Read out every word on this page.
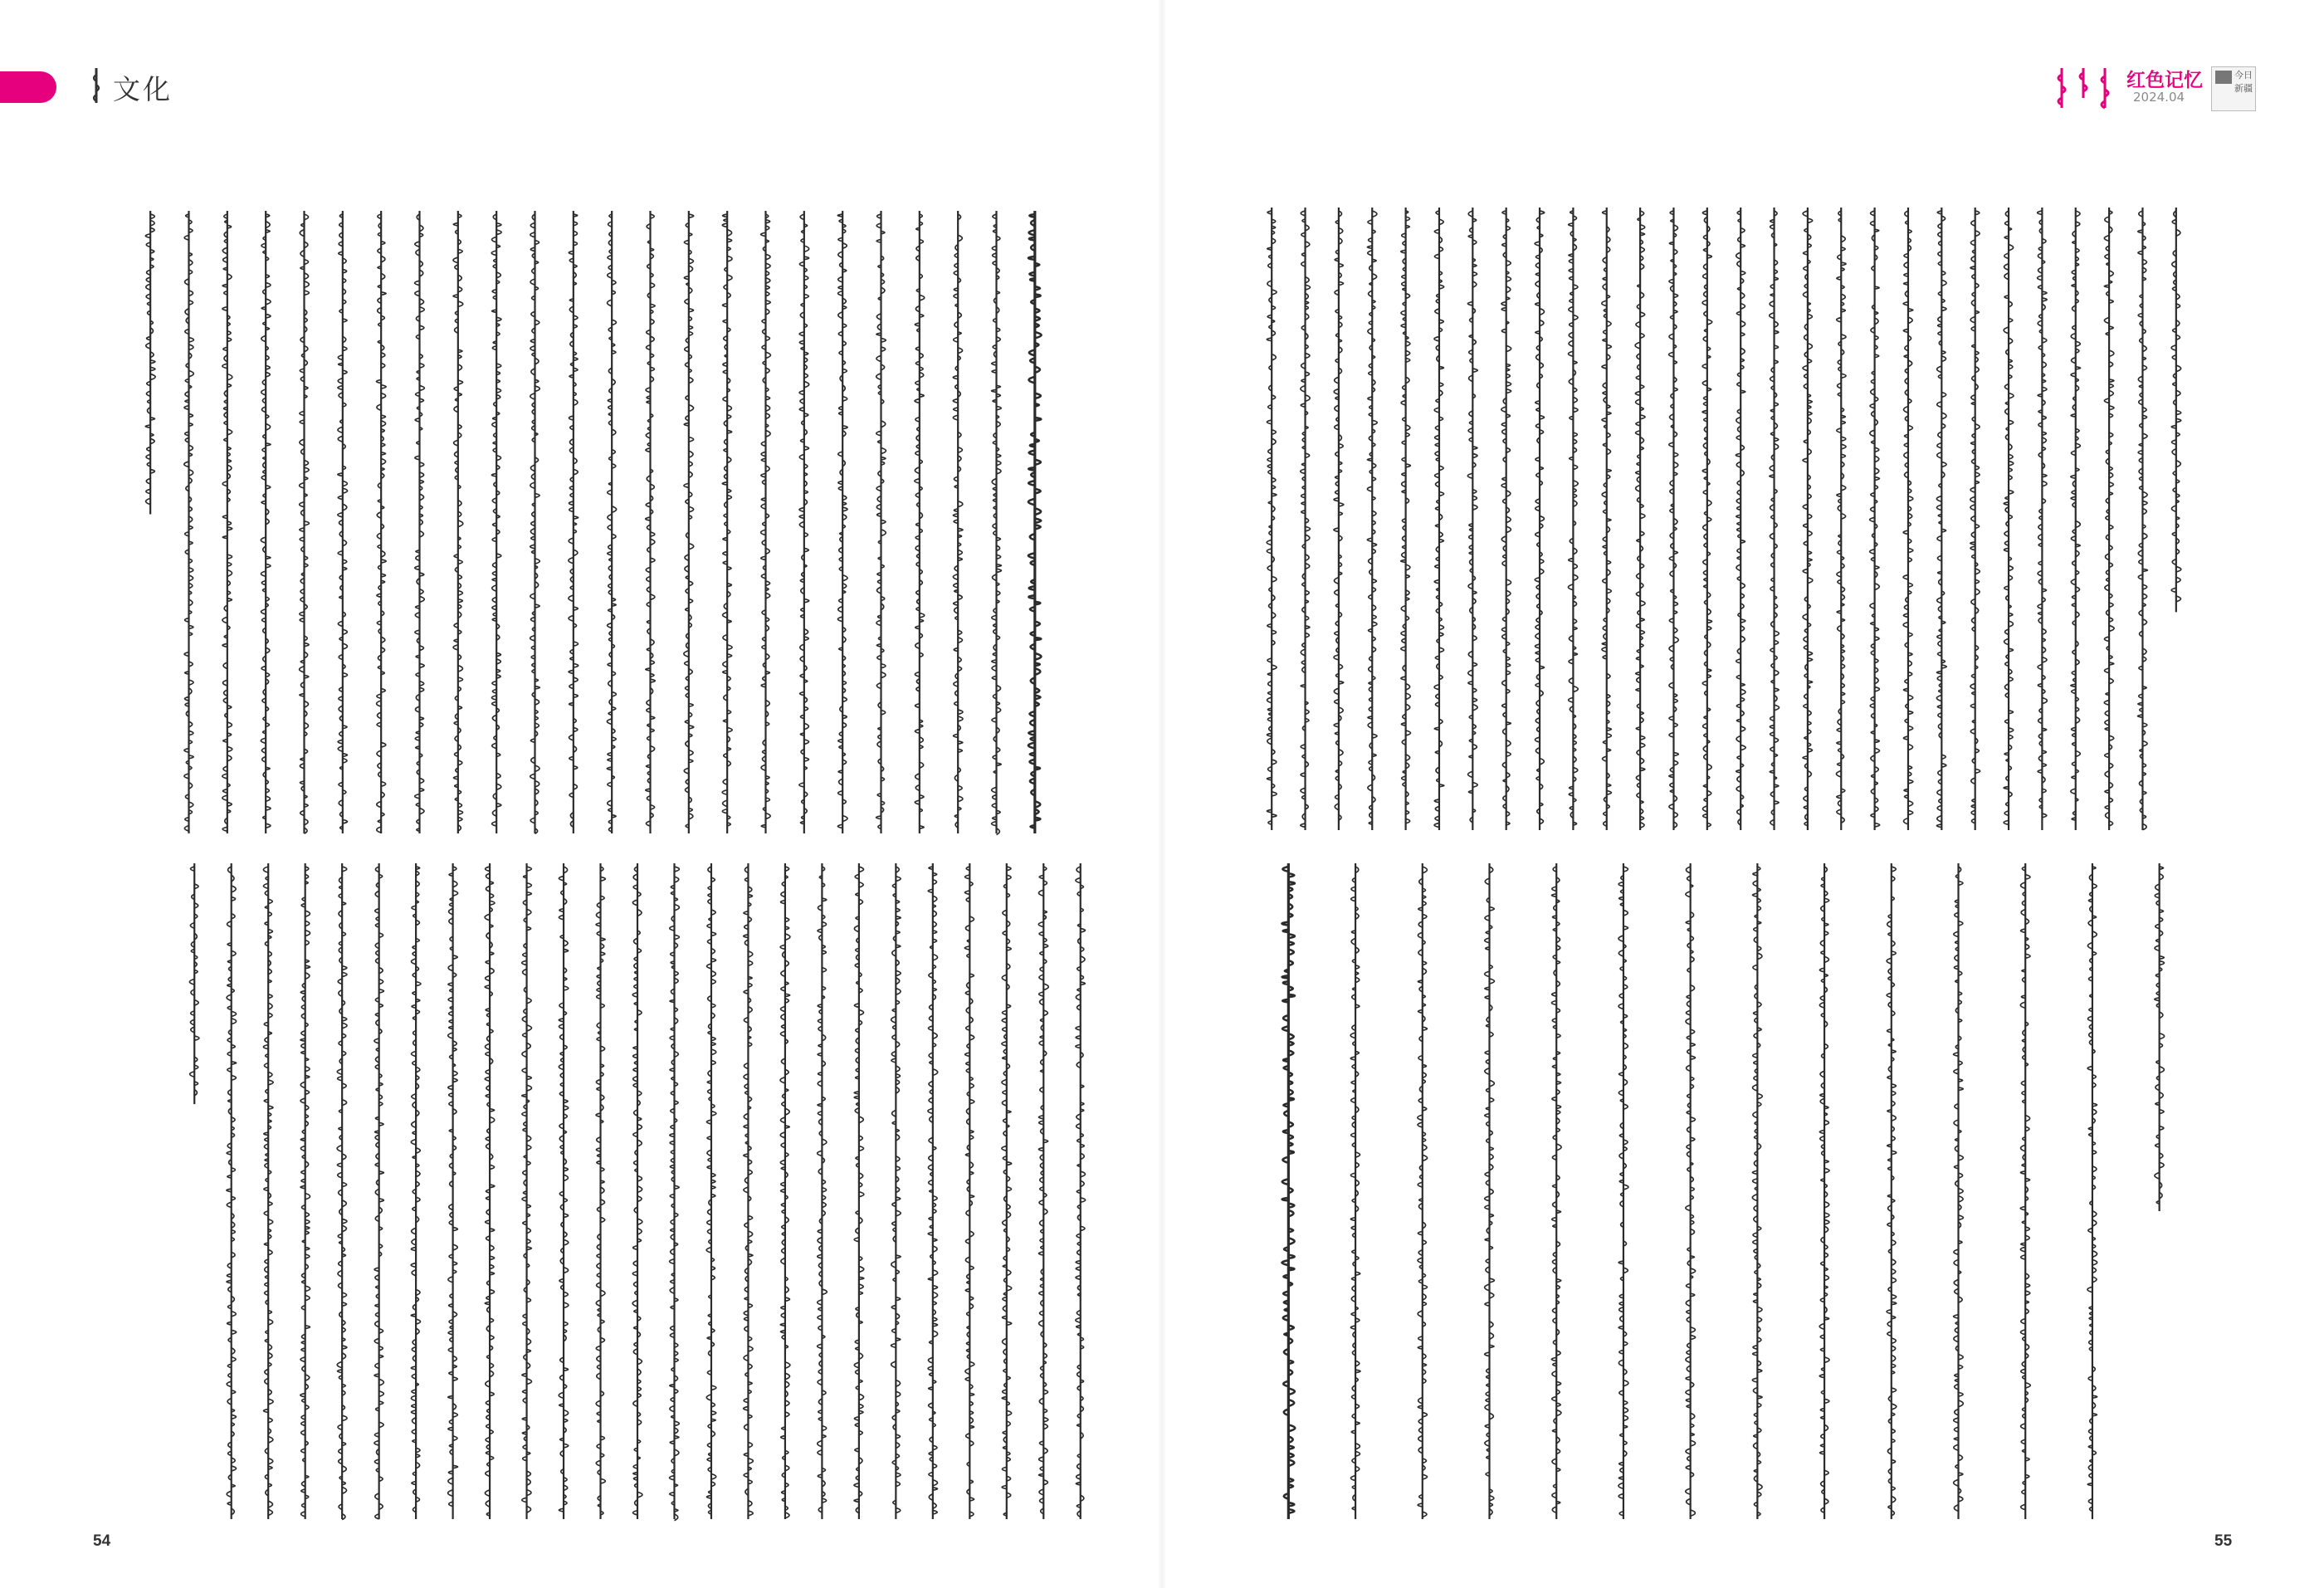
文化	红色记忆
2024.04
今日新疆
54	55
